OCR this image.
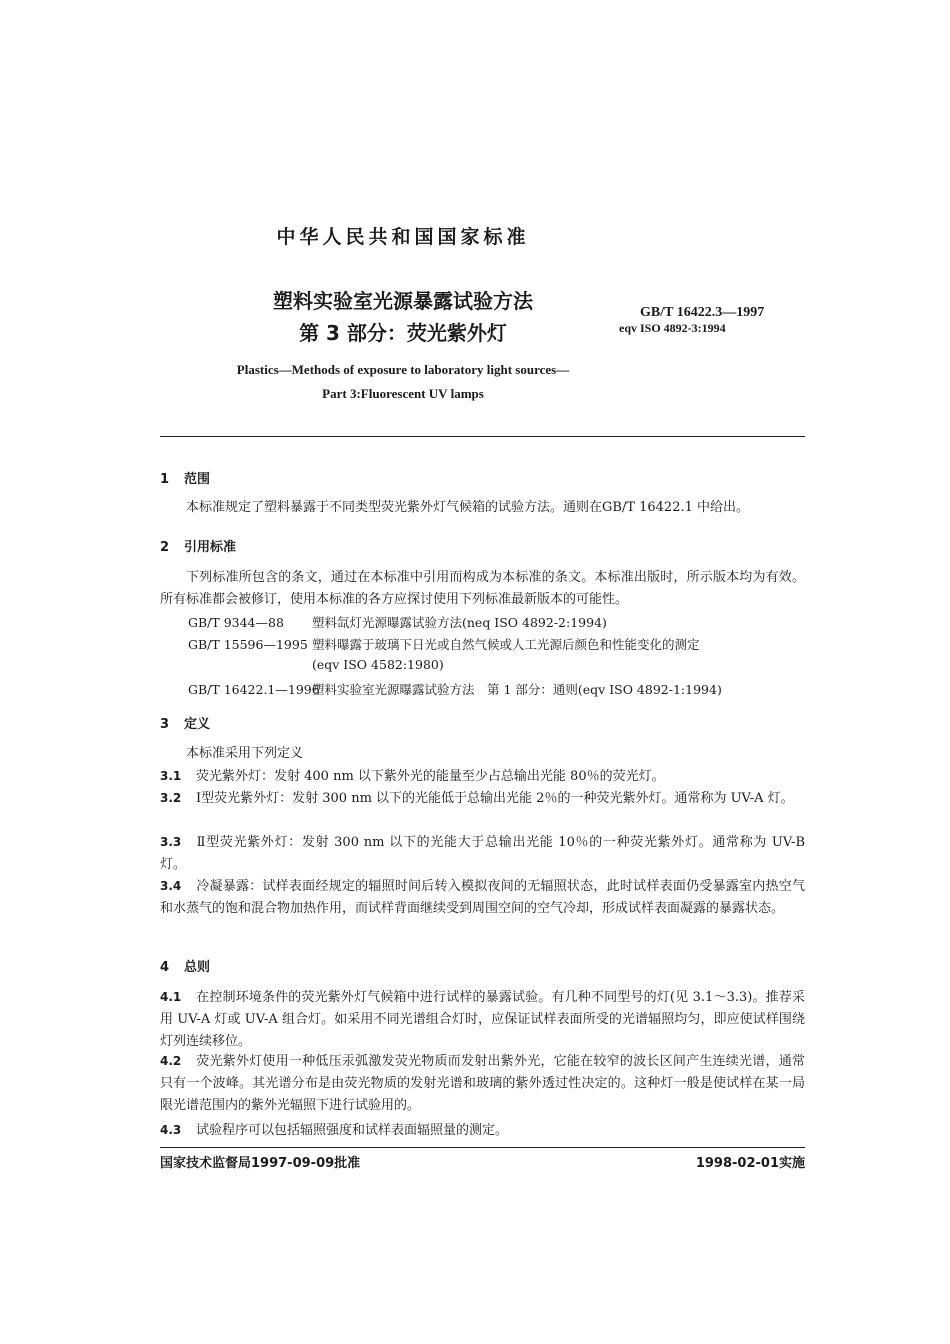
中华人民共和国国家标准
塑料实验室光源暴露试验方法
第 3 部分：荧光紫外灯
GB/T 16422.3—1997
eqv ISO 4892-3:1994
Plastics—Methods of exposure to laboratory light sources—
Part 3:Fluorescent UV lamps
1 范围
本标准规定了塑料暴露于不同类型荧光紫外灯气候箱的试验方法。通则在GB/T 16422.1 中给出。
2 引用标准
下列标准所包含的条文，通过在本标准中引用而构成为本标准的条文。本标准出版时，所示版本均为有效。所有标准都会被修订，使用本标准的各方应探讨使用下列标准最新版本的可能性。
GB/T 9344—88 塑料氙灯光源曝露试验方法(neq ISO 4892-2:1994)
GB/T 15596—1995 塑料曝露于玻璃下日光或自然气候或人工光源后颜色和性能变化的测定
(eqv ISO 4582:1980)
GB/T 16422.1—1996塑料实验室光源曝露试验方法　第 1 部分：通则(eqv ISO 4892-1:1994)
3 定义
本标准采用下列定义
3.1 荧光紫外灯：发射 400 nm 以下紫外光的能量至少占总输出光能 80％的荧光灯。
3.2 Ⅰ型荧光紫外灯：发射 300 nm 以下的光能低于总输出光能 2％的一种荧光紫外灯。通常称为 UV-A 灯。
3.3 Ⅱ型荧光紫外灯：发射 300 nm 以下的光能大于总输出光能 10％的一种荧光紫外灯。通常称为 UV-B 灯。
3.4 冷凝暴露：试样表面经规定的辐照时间后转入模拟夜间的无辐照状态，此时试样表面仍受暴露室内热空气和水蒸气的饱和混合物加热作用，而试样背面继续受到周围空间的空气冷却，形成试样表面凝露的暴露状态。
4 总则
4.1 在控制环境条件的荧光紫外灯气候箱中进行试样的暴露试验。有几种不同型号的灯(见 3.1～3.3)。推荐采用 UV-A 灯或 UV-A 组合灯。如采用不同光谱组合灯时，应保证试样表面所受的光谱辐照均匀，即应使试样围绕灯列连续移位。
4.2 荧光紫外灯使用一种低压汞弧激发荧光物质而发射出紫外光，它能在较窄的波长区间产生连续光谱，通常只有一个波峰。其光谱分布是由荧光物质的发射光谱和玻璃的紫外透过性决定的。这种灯一般是使试样在某一局限光谱范围内的紫外光辐照下进行试验用的。
4.3 试验程序可以包括辐照强度和试样表面辐照量的测定。
国家技术监督局1997-09-09批准	1998-02-01实施
